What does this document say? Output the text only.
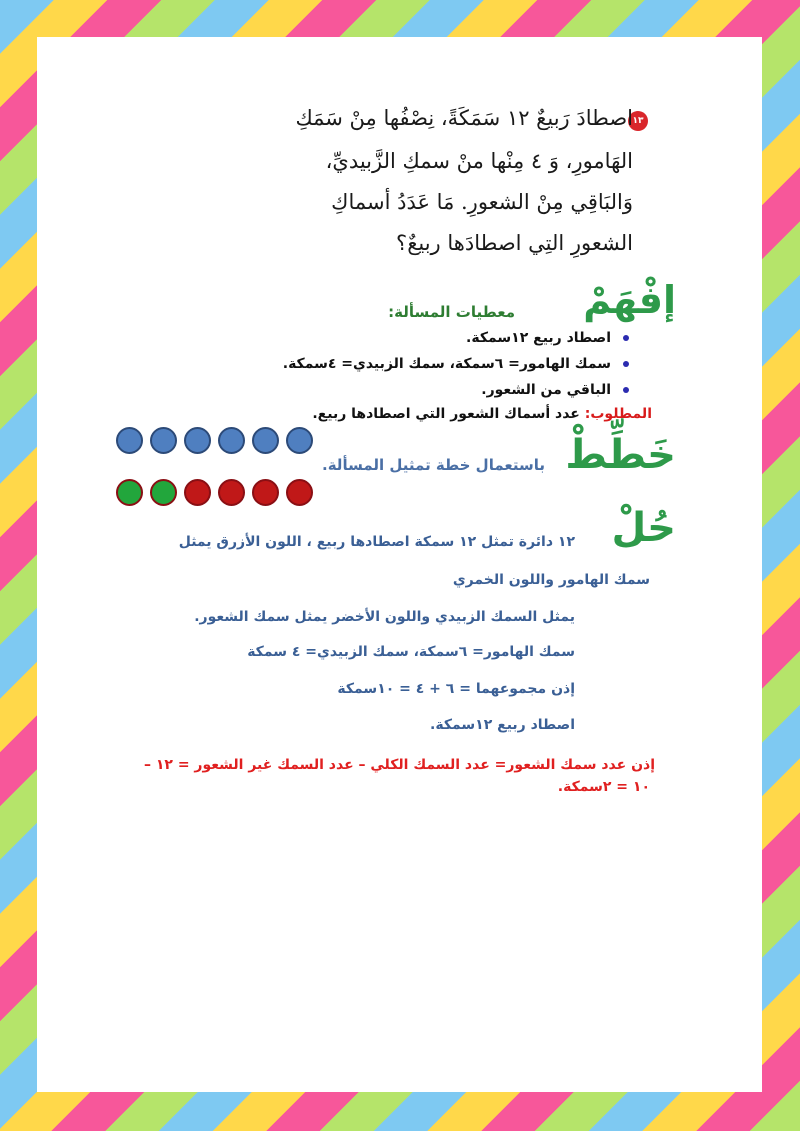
١٣
اصطادَ رَبيعٌ ١٢ سَمَكَةً، نِصْفُها مِنْ سَمَكِ
الهَامورِ، وَ ٤ مِنْها منْ سمكِ الزَّبيديِّ،
وَالبَاقِي مِنْ الشعورِ. مَا عَدَدُ أسماكِ
الشعورِ التِي اصطادَها ربيعٌ؟
إفْهَمْ
معطيات المسألة:
اصطاد ربيع ١٢سمكة.
سمك الهامور= ٦سمكة، سمك الزبيدي= ٤سمكة.
الباقي من الشعور.
المطلوب: عدد أسماك الشعور التي اصطادها ربيع.
خَطِّطْ
باستعمال خطة تمثيل المسألة.
حُلْ
١٢ دائرة تمثل ١٢ سمكة اصطادها ربيع ، اللون الأزرق يمثل
سمك الهامور واللون الخمري
يمثل السمك الزبيدي واللون الأخضر يمثل سمك الشعور.
سمك الهامور= ٦سمكة، سمك الزبيدي= ٤ سمكة
إذن مجموعهما = ٦ + ٤ = ١٠سمكة
اصطاد ربيع ١٢سمكة.
إذن عدد سمك الشعور= عدد السمك الكلي – عدد السمك غير الشعور = ١٢ –
١٠ = ٢سمكة.
